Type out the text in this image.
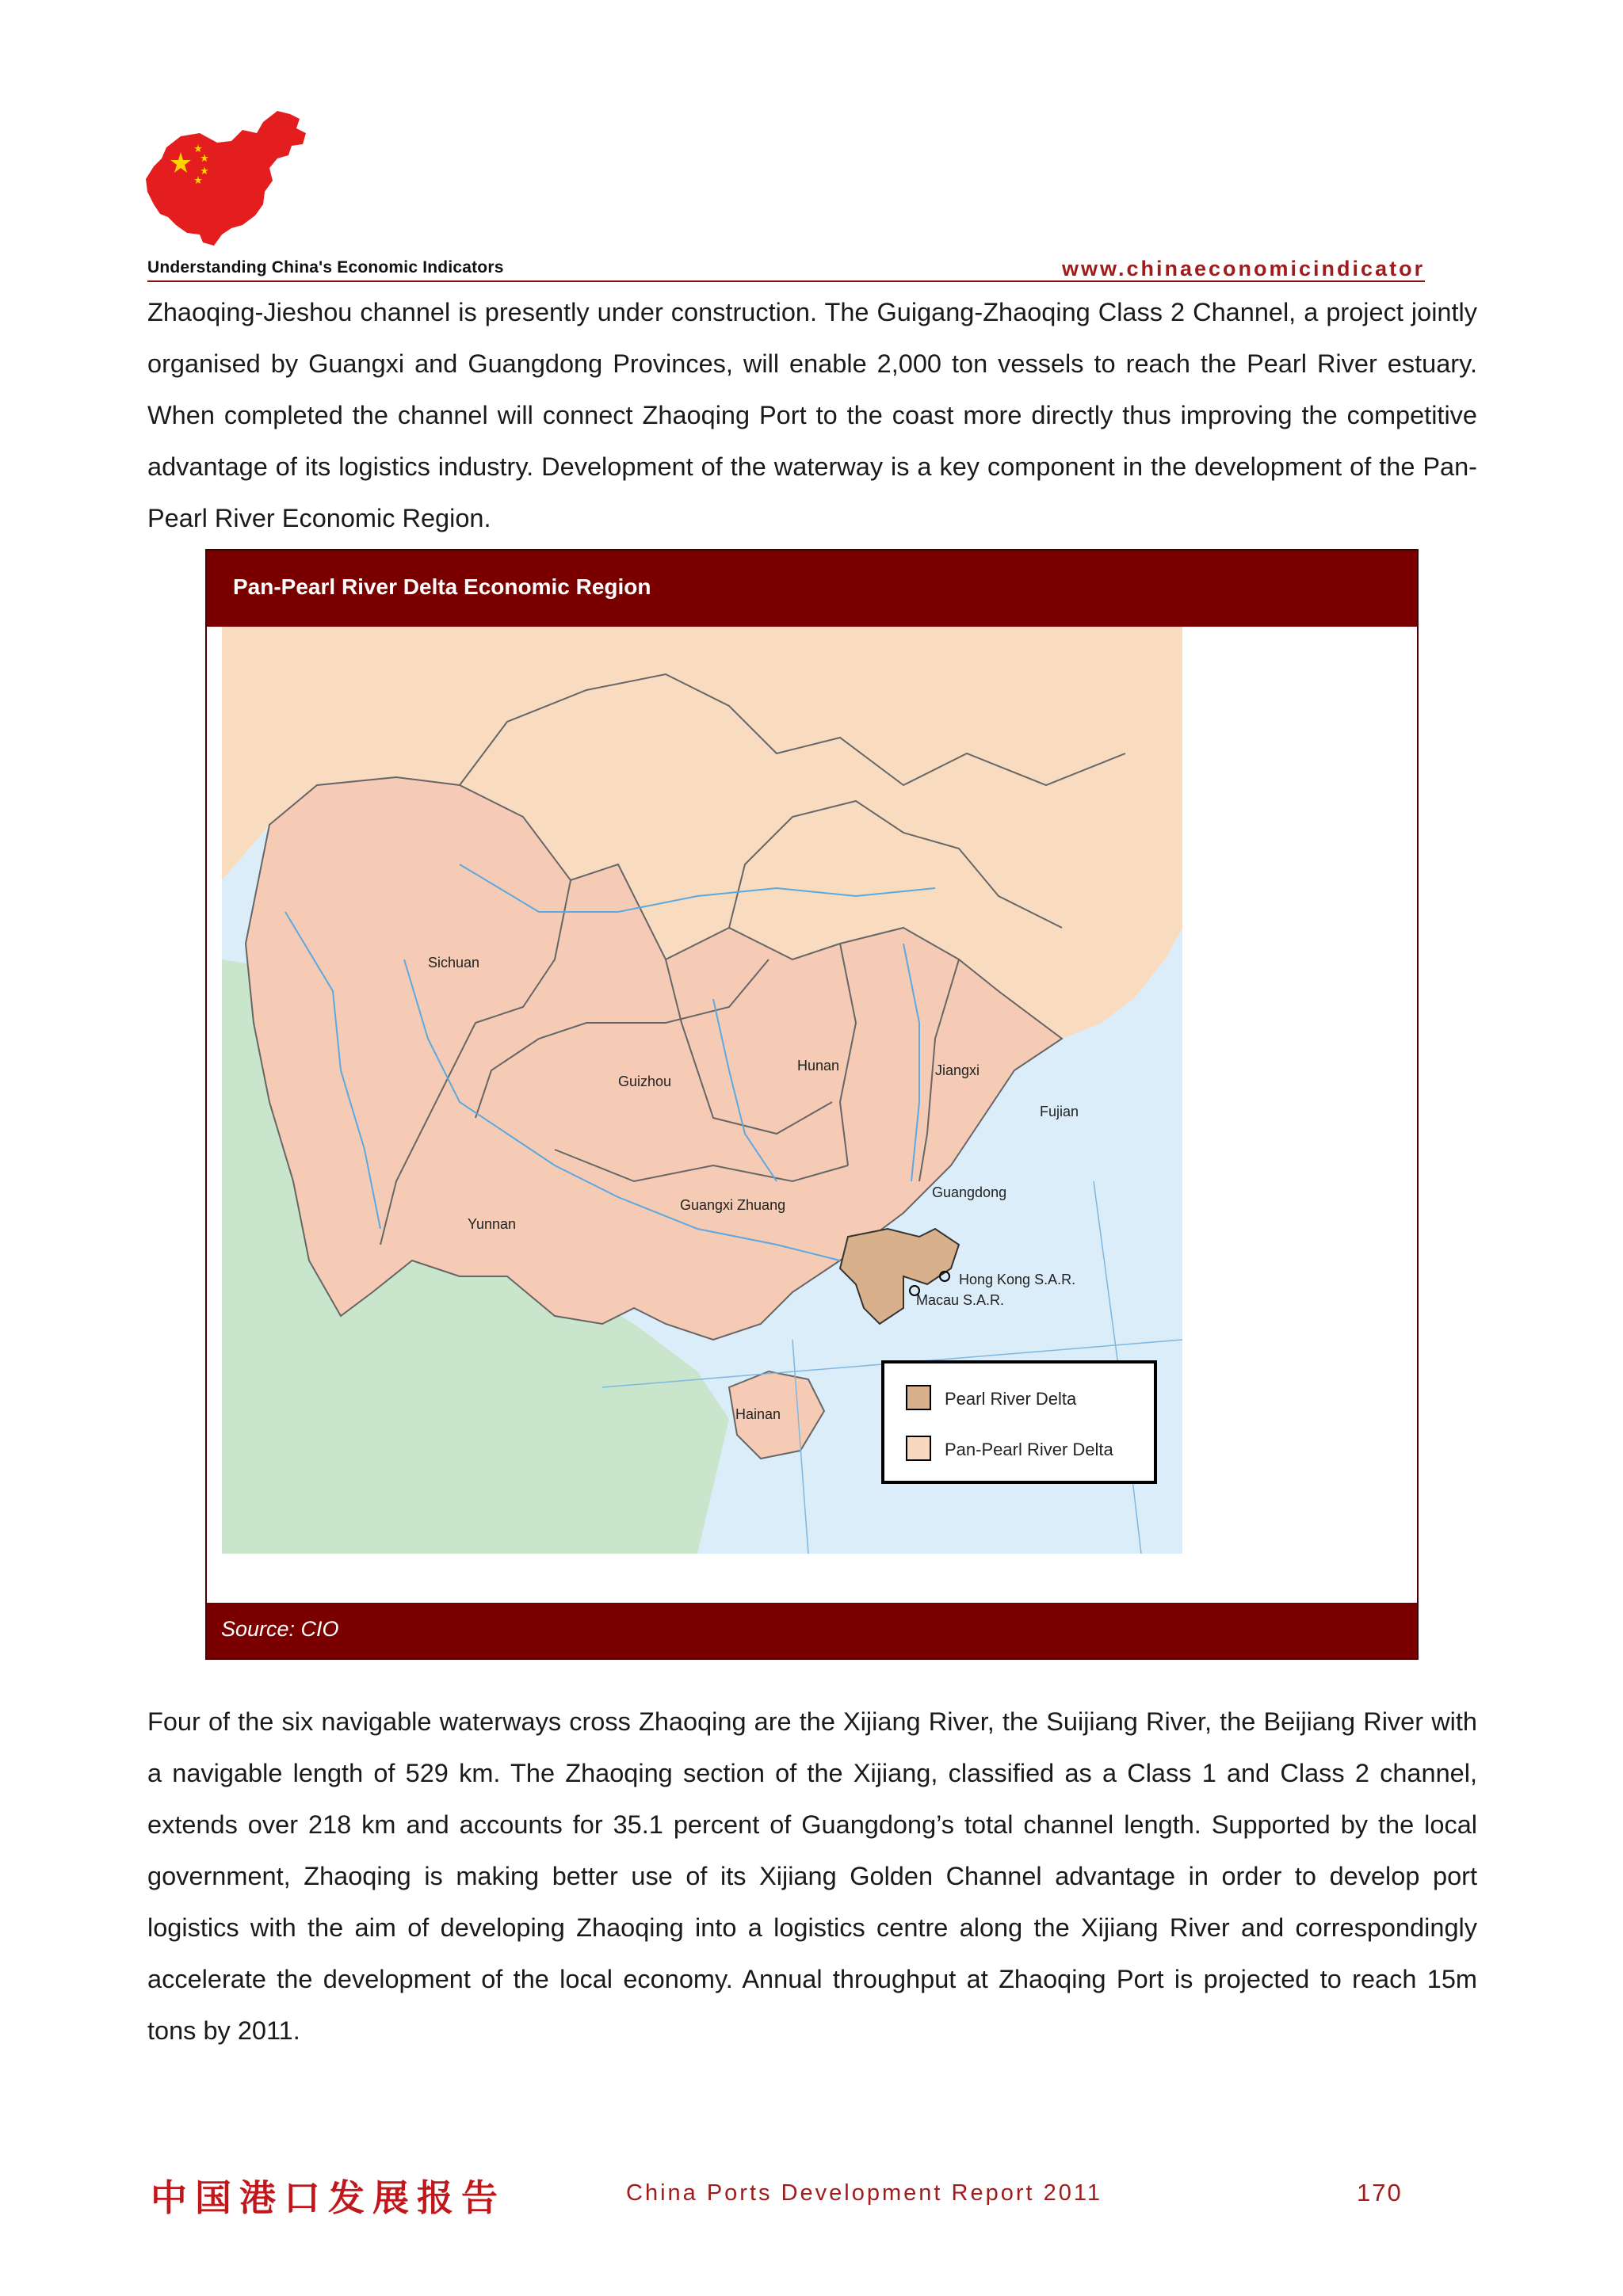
Understanding China's Economic Indicators	www.chinaeconomicindicator

Zhaoqing-Jieshou channel is presently under construction. The Guigang-Zhaoqing Class 2 Channel, a project jointly organised by Guangxi and Guangdong Provinces, will enable 2,000 ton vessels to reach the Pearl River estuary. When completed the channel will connect Zhaoqing Port to the coast more directly thus improving the competitive advantage of its logistics industry. Development of the waterway is a key component in the development of the Pan-Pearl River Economic Region.

Pan-Pearl River Delta Economic Region
Sichuan
Guizhou
Hunan	Jiangxi
Fujian
Yunnan
Guangxi Zhuang
Guangdong
Hong Kong S.A.R.
Macau S.A.R.
Hainan
Pearl River Delta
Pan-Pearl River Delta
Source: CIO

Four of the six navigable waterways cross Zhaoqing are the Xijiang River, the Suijiang River, the Beijiang River with a navigable length of 529 km. The Zhaoqing section of the Xijiang, classified as a Class 1 and Class 2 channel, extends over 218 km and accounts for 35.1 percent of Guangdong’s total channel length. Supported by the local government, Zhaoqing is making better use of its Xijiang Golden Channel advantage in order to develop port logistics with the aim of developing Zhaoqing into a logistics centre along the Xijiang River and correspondingly accelerate the development of the local economy. Annual throughput at Zhaoqing Port is projected to reach 15m tons by 2011.

中国港口发展报告	China Ports Development Report 2011	170
